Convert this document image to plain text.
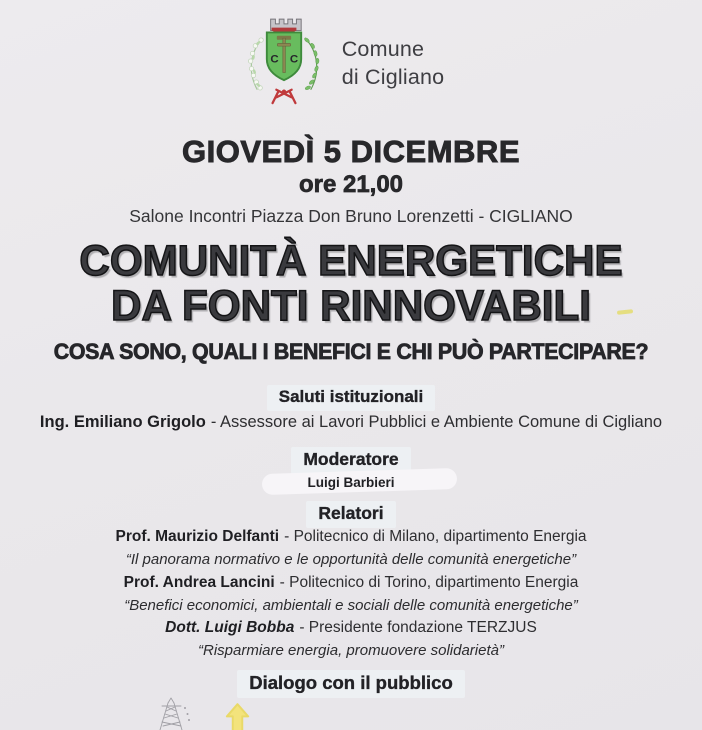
C C Comune
di Cigliano
GIOVEDÌ 5 DICEMBRE
ore 21,00
Salone Incontri Piazza Don Bruno Lorenzetti - CIGLIANO
COMUNITÀ ENERGETICHE
DA FONTI RINNOVABILI
COSA SONO, QUALI I BENEFICI E CHI PUÒ PARTECIPARE?
Saluti istituzionali
Ing. Emiliano Grigolo - Assessore ai Lavori Pubblici e Ambiente Comune di Cigliano
Moderatore
Luigi Barbieri
Relatori
Prof. Maurizio Delfanti - Politecnico di Milano, dipartimento Energia
“Il panorama normativo e le opportunità delle comunità energetiche”
Prof. Andrea Lancini - Politecnico di Torino, dipartimento Energia
“Benefici economici, ambientali e sociali delle comunità energetiche”
Dott. Luigi Bobba - Presidente fondazione TERZJUS
“Risparmiare energia, promuovere solidarietà”
Dialogo con il pubblico
